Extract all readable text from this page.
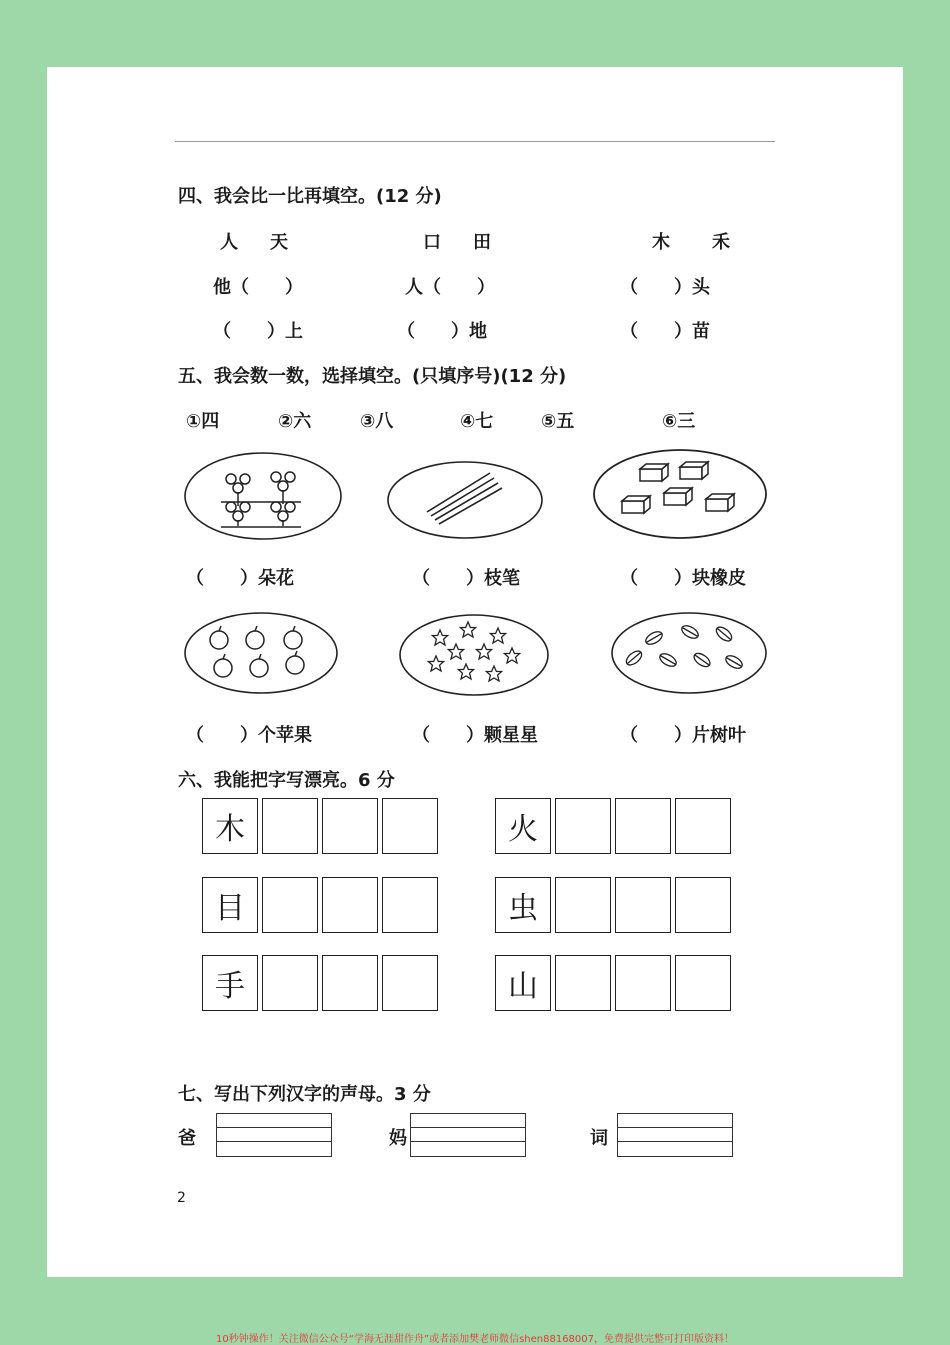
四、我会比一比再填空。(12 分)
人 天	口 田	木 禾
他（　　）	人（　　）	（　　）头
（　　）上	（　　）地	（　　）苗
五、我会数一数，选择填空。(只填序号)(12 分)
①四	②六	③八	④七	⑤五	⑥三
（　　）朵花	（　　）枝笔	（　　）块橡皮
（　　）个苹果	（　　）颗星星	（　　）片树叶
六、我能把字写漂亮。6 分
木	火
目	虫
手	山
七、写出下列汉字的声母。3 分
爸	妈	词
2
10秒钟操作！关注微信公众号“学海无涯甜作舟”或者添加樊老师微信shen88168007，免费提供完整可打印版资料！
